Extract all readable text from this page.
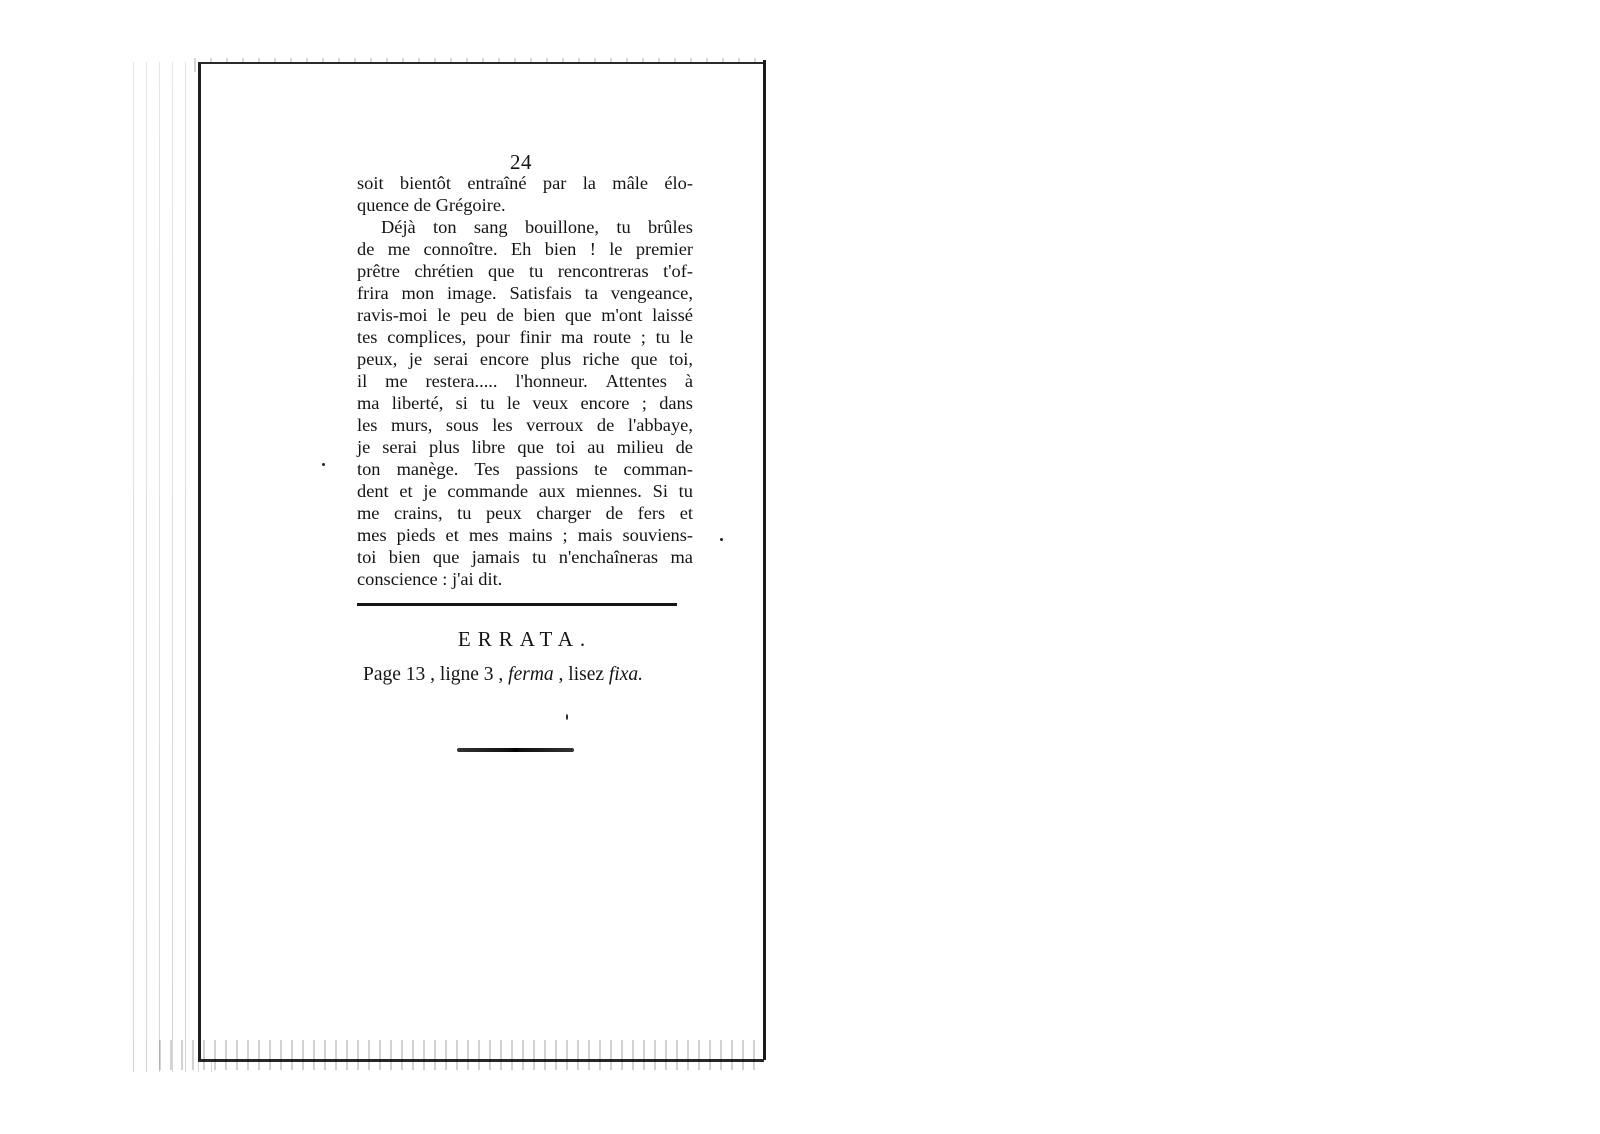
24
soit bientôt entraîné par la mâle élo-
quence de Grégoire.
Déjà ton sang bouillone, tu brûles
de me connoître. Eh bien ! le premier
prêtre chrétien que tu rencontreras t'of-
frira mon image. Satisfais ta vengeance,
ravis-moi le peu de bien que m'ont laissé
tes complices, pour finir ma route ; tu le
peux, je serai encore plus riche que toi,
il me restera..... l'honneur. Attentes à
ma liberté, si tu le veux encore ; dans
les murs, sous les verroux de l'abbaye,
je serai plus libre que toi au milieu de
ton manège. Tes passions te comman-
dent et je commande aux miennes. Si tu
me crains, tu peux charger de fers et
mes pieds et mes mains ; mais souviens-
toi bien que jamais tu n'enchaîneras ma
conscience : j'ai dit.
ERRATA.
Page 13 , ligne 3 , ferma , lisez fixa.
